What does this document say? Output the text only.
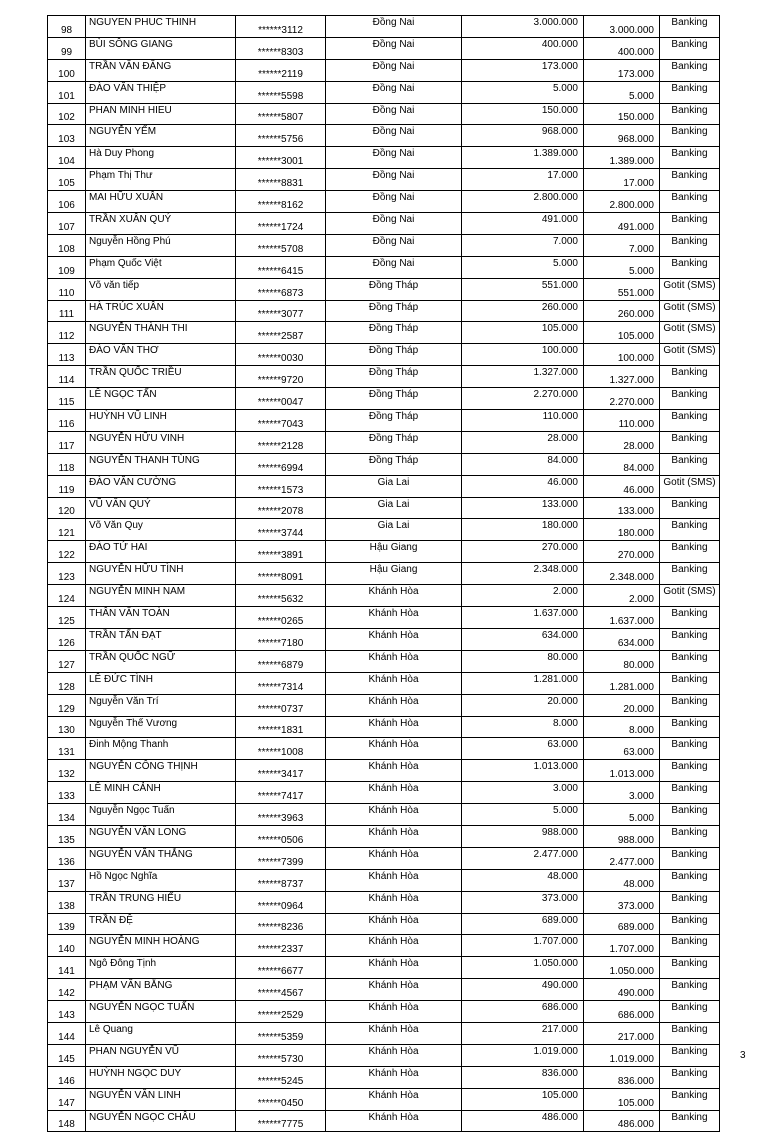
98	NGUYEN PHUC THINH	******3112	Đồng Nai	3.000.000	3.000.000	Banking
99	BÙI SÔNG GIANG	******8303	Đồng Nai	400.000	400.000	Banking
100	TRẦN VĂN ĐĂNG	******2119	Đồng Nai	173.000	173.000	Banking
101	ĐÀO VĂN THIỆP	******5598	Đồng Nai	5.000	5.000	Banking
102	PHAN MINH HIEU	******5807	Đồng Nai	150.000	150.000	Banking
103	NGUYỄN YẾM	******5756	Đồng Nai	968.000	968.000	Banking
104	Hà Duy Phong	******3001	Đồng Nai	1.389.000	1.389.000	Banking
105	Phạm Thị Thư	******8831	Đồng Nai	17.000	17.000	Banking
106	MAI HỮU XUÂN	******8162	Đồng Nai	2.800.000	2.800.000	Banking
107	TRẦN XUÂN QUÝ	******1724	Đồng Nai	491.000	491.000	Banking
108	Nguyễn Hồng Phú	******5708	Đồng Nai	7.000	7.000	Banking
109	Phạm Quốc Việt	******6415	Đồng Nai	5.000	5.000	Banking
110	Võ văn tiếp	******6873	Đồng Tháp	551.000	551.000	Gotit (SMS)
111	HÀ TRÚC XUÂN	******3077	Đồng Tháp	260.000	260.000	Gotit (SMS)
112	NGUYỄN THÀNH THI	******2587	Đồng Tháp	105.000	105.000	Gotit (SMS)
113	ĐÀO VĂN THƠ	******0030	Đồng Tháp	100.000	100.000	Gotit (SMS)
114	TRẦN QUỐC TRIỀU	******9720	Đồng Tháp	1.327.000	1.327.000	Banking
115	LÊ NGỌC TẤN	******0047	Đồng Tháp	2.270.000	2.270.000	Banking
116	HUỲNH VŨ LINH	******7043	Đồng Tháp	110.000	110.000	Banking
117	NGUYỄN HỮU VINH	******2128	Đồng Tháp	28.000	28.000	Banking
118	NGUYỄN THANH TÙNG	******6994	Đồng Tháp	84.000	84.000	Banking
119	ĐÀO VĂN CƯỜNG	******1573	Gia Lai	46.000	46.000	Gotit (SMS)
120	VŨ VĂN QUÝ	******2078	Gia Lai	133.000	133.000	Banking
121	Võ Văn Quy	******3744	Gia Lai	180.000	180.000	Banking
122	ĐÀO TỨ HAI	******3891	Hậu Giang	270.000	270.000	Banking
123	NGUYỄN HỮU TÌNH	******8091	Hậu Giang	2.348.000	2.348.000	Banking
124	NGUYỄN MINH NAM	******5632	Khánh Hòa	2.000	2.000	Gotit (SMS)
125	THÂN VĂN TOÀN	******0265	Khánh Hòa	1.637.000	1.637.000	Banking
126	TRẦN TẤN ĐẠT	******7180	Khánh Hòa	634.000	634.000	Banking
127	TRẦN QUỐC NGỮ	******6879	Khánh Hòa	80.000	80.000	Banking
128	LÊ ĐỨC TÌNH	******7314	Khánh Hòa	1.281.000	1.281.000	Banking
129	Nguyễn Văn Trí	******0737	Khánh Hòa	20.000	20.000	Banking
130	Nguyễn Thế Vương	******1831	Khánh Hòa	8.000	8.000	Banking
131	Đinh Mộng Thanh	******1008	Khánh Hòa	63.000	63.000	Banking
132	NGUYỄN CÔNG THỊNH	******3417	Khánh Hòa	1.013.000	1.013.000	Banking
133	LÊ MINH CẢNH	******7417	Khánh Hòa	3.000	3.000	Banking
134	Nguyễn Ngọc Tuấn	******3963	Khánh Hòa	5.000	5.000	Banking
135	NGUYỄN VĂN LONG	******0506	Khánh Hòa	988.000	988.000	Banking
136	NGUYỄN VĂN THẮNG	******7399	Khánh Hòa	2.477.000	2.477.000	Banking
137	Hồ Ngọc Nghĩa	******8737	Khánh Hòa	48.000	48.000	Banking
138	TRẦN TRUNG HIẾU	******0964	Khánh Hòa	373.000	373.000	Banking
139	TRẦN ĐỆ	******8236	Khánh Hòa	689.000	689.000	Banking
140	NGUYỄN MINH HOÀNG	******2337	Khánh Hòa	1.707.000	1.707.000	Banking
141	Ngô Đông Tịnh	******6677	Khánh Hòa	1.050.000	1.050.000	Banking
142	PHẠM VĂN BẰNG	******4567	Khánh Hòa	490.000	490.000	Banking
143	NGUYỄN NGỌC TUẤN	******2529	Khánh Hòa	686.000	686.000	Banking
144	Lê Quang	******5359	Khánh Hòa	217.000	217.000	Banking
145	PHAN NGUYỄN VŨ	******5730	Khánh Hòa	1.019.000	1.019.000	Banking
146	HUỲNH NGỌC DUY	******5245	Khánh Hòa	836.000	836.000	Banking
147	NGUYỄN VĂN LINH	******0450	Khánh Hòa	105.000	105.000	Banking
148	NGUYỄN NGỌC CHÂU	******7775	Khánh Hòa	486.000	486.000	Banking
3
